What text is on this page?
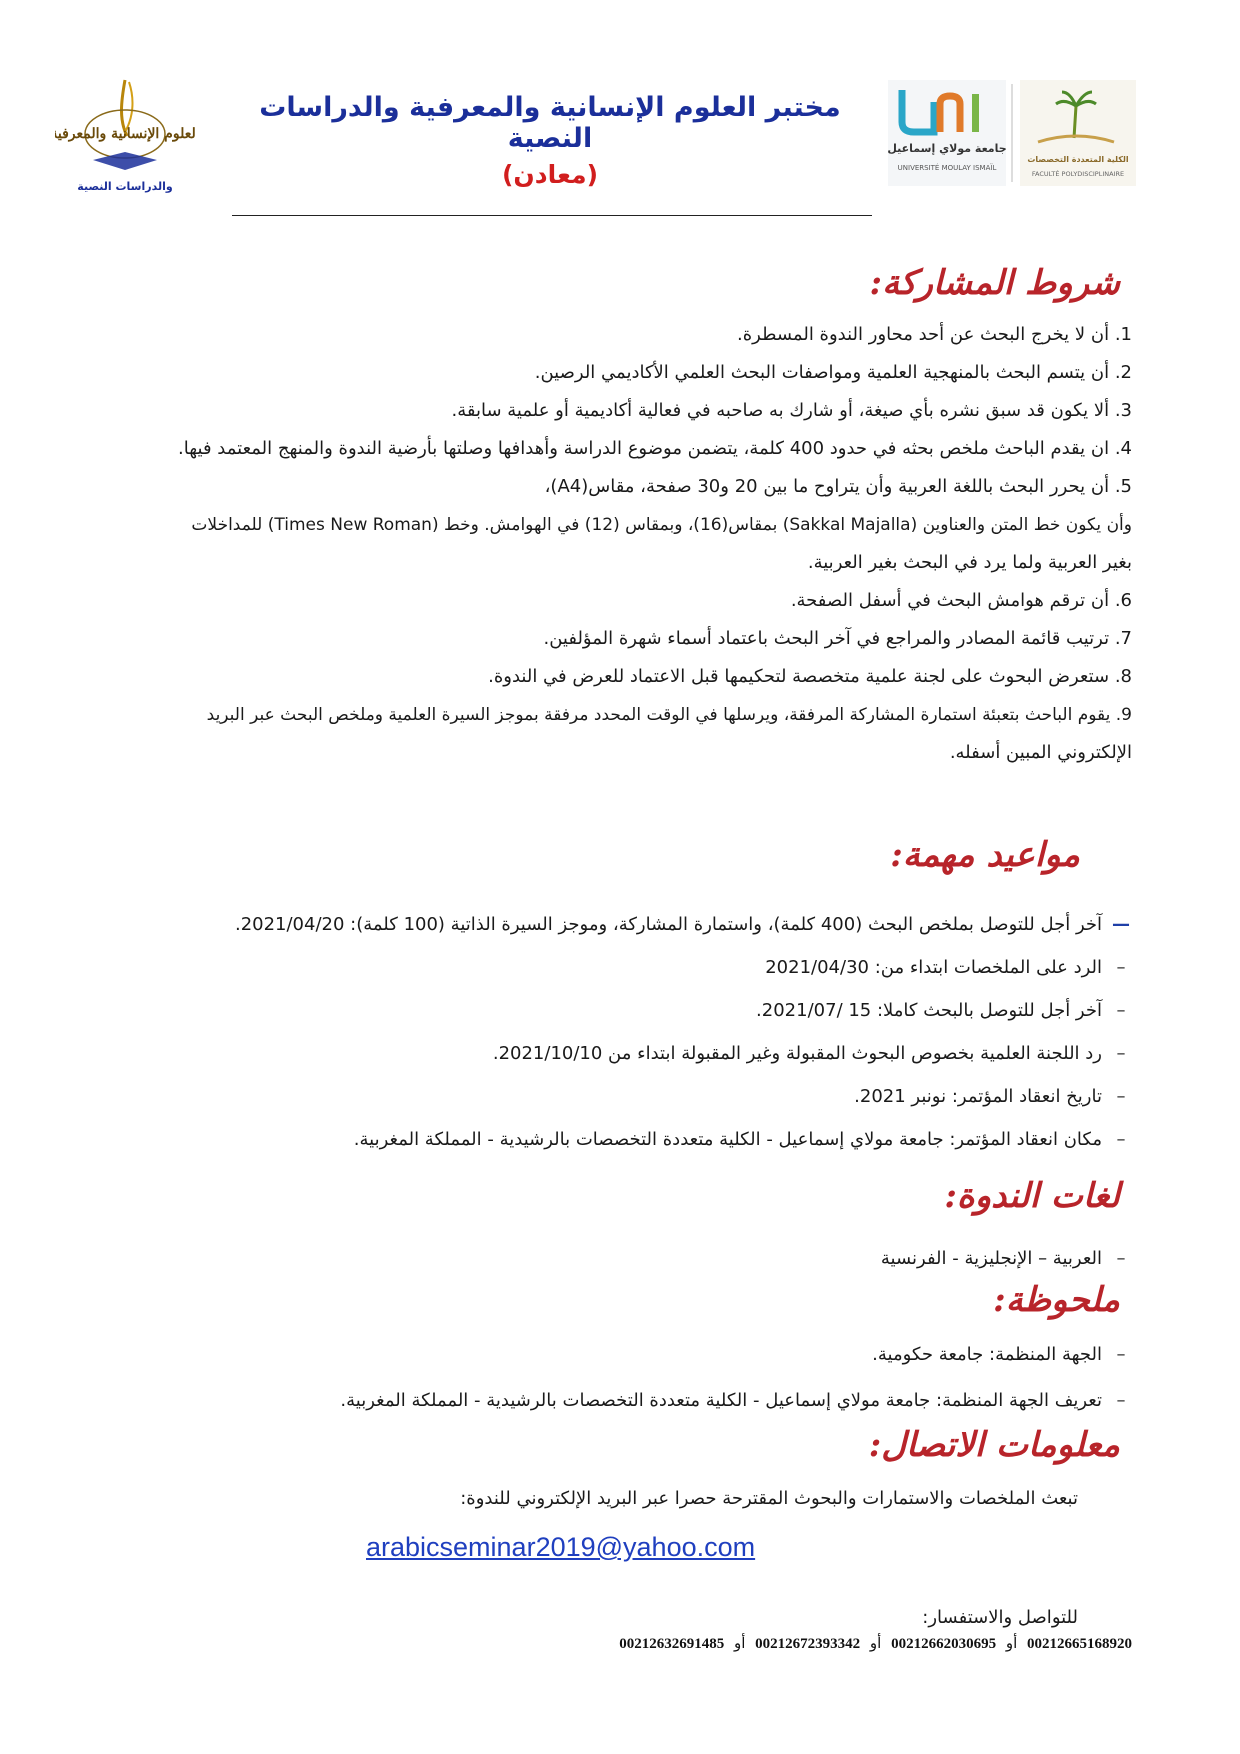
العلوم الإنسانية والمعرفية
والدراسات النصية
مختبر العلوم الإنسانية والمعرفية والدراسات النصية
(معادن)
جامعة مولاي إسماعيل
UNIVERSITÉ MOULAY ISMAÏL
الكلية المتعددة التخصصات
FACULTÉ POLYDISCIPLINAIRE
شروط المشاركة:
1. أن لا يخرج البحث عن أحد محاور الندوة المسطرة.
2. أن يتسم البحث بالمنهجية العلمية ومواصفات البحث العلمي الأكاديمي الرصين.
3. ألا يكون قد سبق نشره بأي صيغة، أو شارك به صاحبه في فعالية أكاديمية أو علمية سابقة.
4. ان يقدم الباحث ملخص بحثه في حدود 400 كلمة، يتضمن موضوع الدراسة وأهدافها وصلتها بأرضية الندوة والمنهج المعتمد فيها.
5. أن يحرر البحث باللغة العربية وأن يتراوح ما بين 20 و30 صفحة، مقاس(A4)،
وأن يكون خط المتن والعناوين (Sakkal Majalla) بمقاس(16)، وبمقاس (12) في الهوامش. وخط (Times New Roman) للمداخلات
بغير العربية ولما يرد في البحث بغير العربية.
6. أن ترقم هوامش البحث في أسفل الصفحة.
7. ترتيب قائمة المصادر والمراجع في آخر البحث باعتماد أسماء شهرة المؤلفين.
8. ستعرض البحوث على لجنة علمية متخصصة لتحكيمها قبل الاعتماد للعرض في الندوة.
9. يقوم الباحث بتعبئة استمارة المشاركة المرفقة، ويرسلها في الوقت المحدد مرفقة بموجز السيرة العلمية وملخص البحث عبر البريد
الإلكتروني المبين أسفله.
مواعيد مهمة:
—آخر أجل للتوصل بملخص البحث (400 كلمة)، واستمارة المشاركة، وموجز السيرة الذاتية (100 كلمة): 2021/04/20.
–الرد على الملخصات ابتداء من: 2021/04/30
–آخر أجل للتوصل بالبحث كاملا: 15 /2021/07.
–رد اللجنة العلمية بخصوص البحوث المقبولة وغير المقبولة ابتداء من 2021/10/10.
–تاريخ انعقاد المؤتمر: نونبر 2021.
–مكان انعقاد المؤتمر: جامعة مولاي إسماعيل - الكلية متعددة التخصصات بالرشيدية - المملكة المغربية.
لغات الندوة:
–العربية – الإنجليزية - الفرنسية
ملحوظة:
–الجهة المنظمة: جامعة حكومية.
–تعريف الجهة المنظمة: جامعة مولاي إسماعيل - الكلية متعددة التخصصات بالرشيدية - المملكة المغربية.
معلومات الاتصال:
تبعث الملخصات والاستمارات والبحوث المقترحة حصرا عبر البريد الإلكتروني للندوة:
arabicseminar2019@yahoo.com
للتواصل والاستفسار:
00212665168920 أو 00212662030695 أو 00212672393342 أو 00212632691485
